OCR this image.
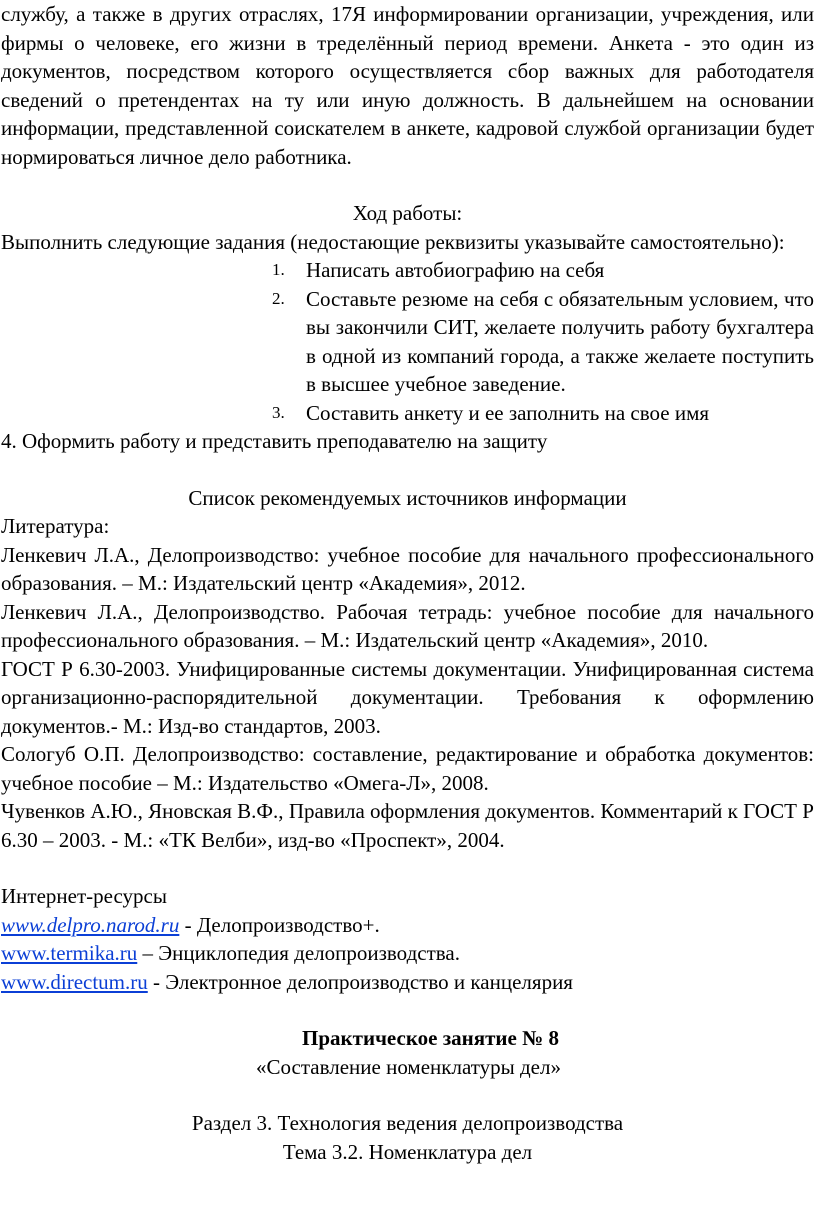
службу, а также в других отраслях, 17Я информировании организации, учреждения, или фирмы о человеке, его жизни в тределённый период времени. Анкета - это один из документов, посредством которого осуществляется сбор важных для работодателя сведений о претендентах на ту или иную должность. В дальнейшем на основании информации, представленной соискателем в анкете, кадровой службой организации будет нормироваться личное дело работника.

Ход работы:

Выполнить следующие задания (недостающие реквизиты указывайте самостоятельно):

1. Написать автобиографию на себя
2. Составьте резюме на себя с обязательным условием, что вы закончили СИТ, желаете получить работу бухгалтера в одной из компаний города, а также желаете поступить в высшее учебное заведение.
3. Составить анкету и ее заполнить на свое имя

4. Оформить работу и представить преподавателю на защиту

Список рекомендуемых источников информации

Литература:

Ленкевич Л.А., Делопроизводство: учебное пособие для начального профессионального образования. – М.: Издательский центр «Академия», 2012.

Ленкевич Л.А., Делопроизводство. Рабочая тетрадь: учебное пособие для начального профессионального образования. – М.: Издательский центр «Академия», 2010.

ГОСТ Р 6.30-2003. Унифицированные системы документации. Унифицированная система организационно-распорядительной документации. Требования к оформлению документов.- М.: Изд-во стандартов, 2003.

Сологуб О.П. Делопроизводство: составление, редактирование и обработка документов: учебное пособие – М.: Издательство «Омега-Л», 2008.

Чувенков А.Ю., Яновская В.Ф., Правила оформления документов. Комментарий к ГОСТ Р 6.30 – 2003. - М.: «ТК Велби», изд-во «Проспект», 2004.

Интернет-ресурсы

www.delpro.narod.ru - Делопроизводство+.

www.termika.ru – Энциклопедия делопроизводства.

www.directum.ru - Электронное делопроизводство и канцелярия

Практическое занятие № 8

«Составление номенклатуры дел»

Раздел 3. Технология ведения делопроизводства

Тема 3.2. Номенклатура дел
